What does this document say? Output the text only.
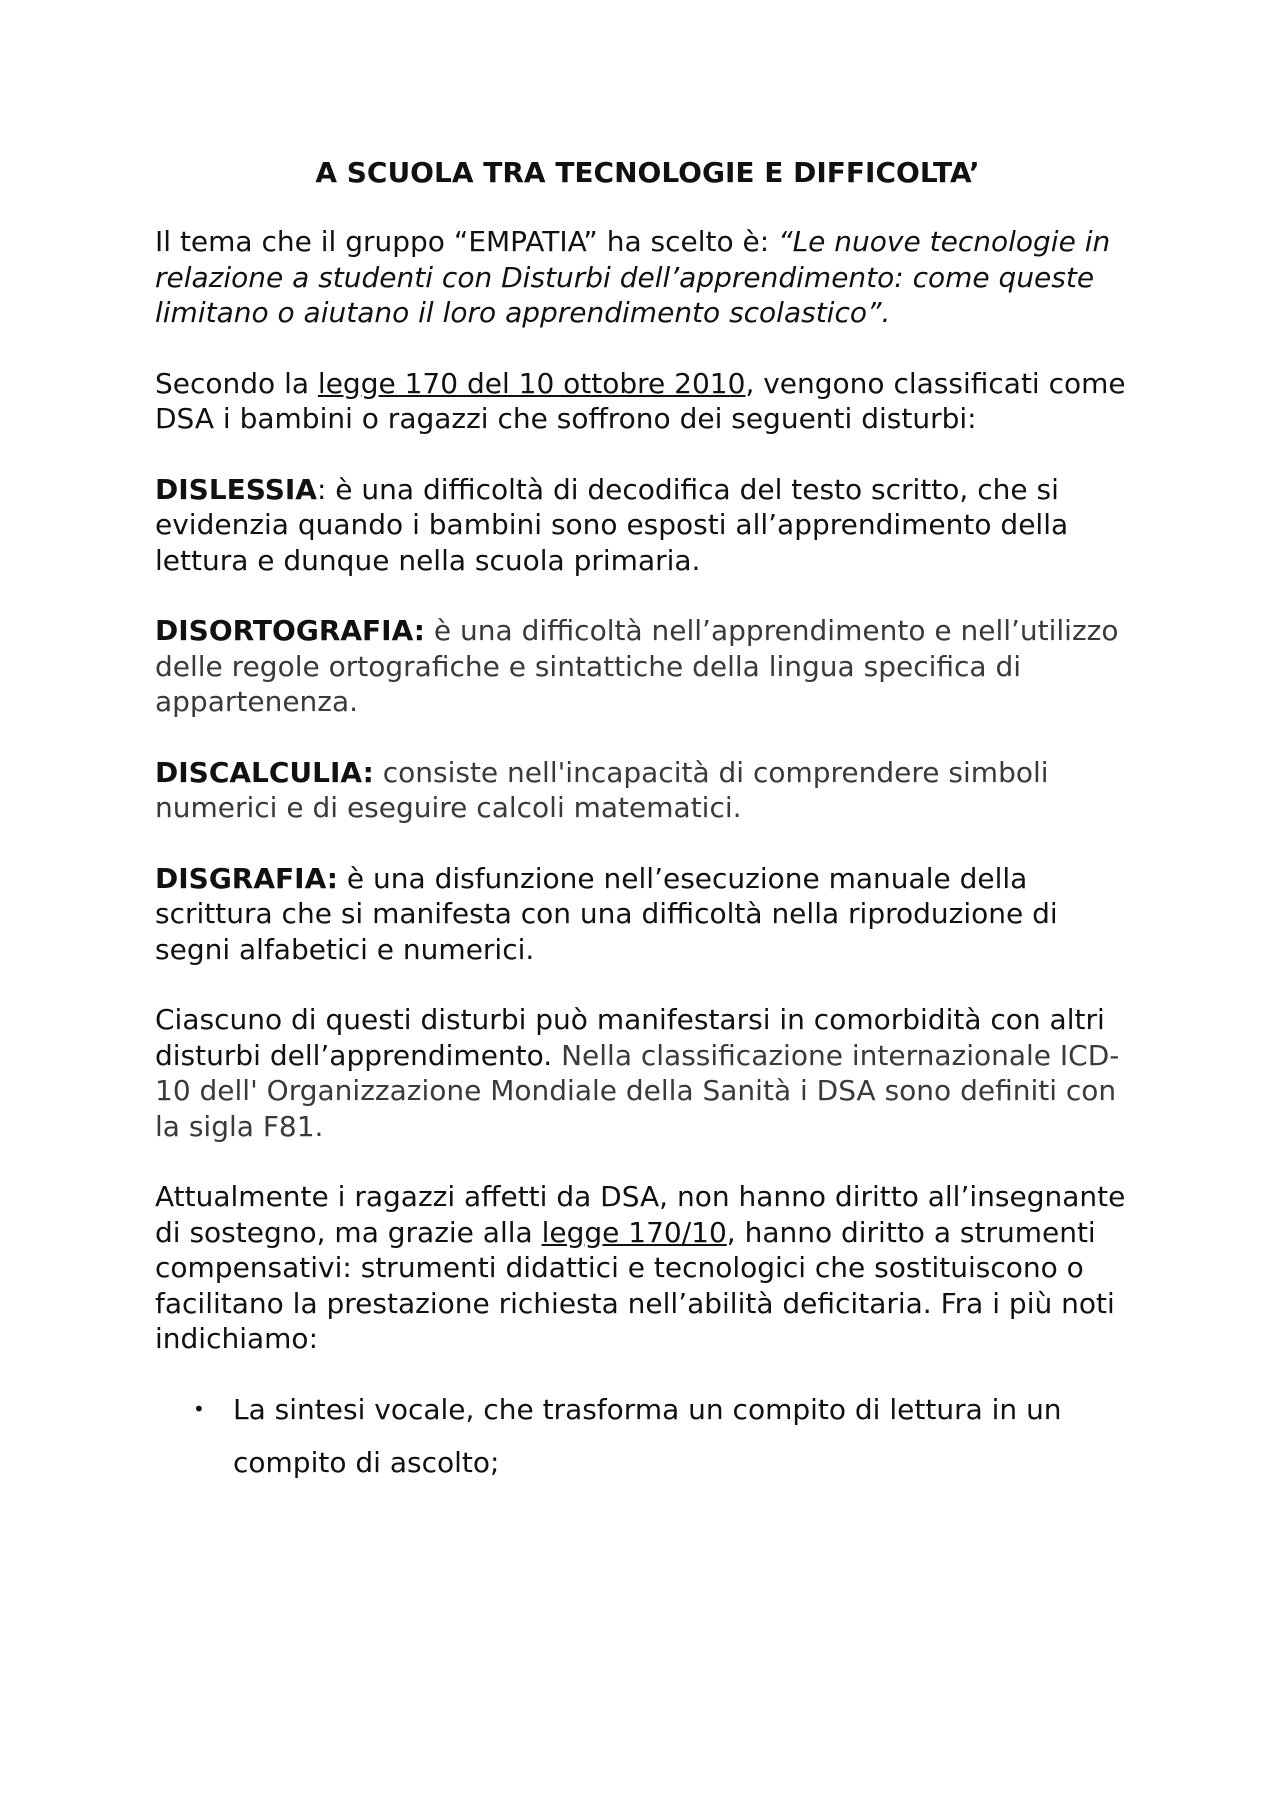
A SCUOLA TRA TECNOLOGIE E DIFFICOLTA’

Il tema che il gruppo “EMPATIA” ha scelto è: “Le nuove tecnologie in relazione a studenti con Disturbi dell’apprendimento: come queste limitano o aiutano il loro apprendimento scolastico”.

Secondo la legge 170 del 10 ottobre 2010, vengono classificati come
DSA i bambini o ragazzi che soffrono dei seguenti disturbi:

DISLESSIA: è una difficoltà di decodifica del testo scritto, che si evidenzia quando i bambini sono esposti all’apprendimento della lettura e dunque nella scuola primaria.

DISORTOGRAFIA: è una difficoltà nell’apprendimento e nell’utilizzo delle regole ortografiche e sintattiche della lingua specifica di appartenenza.

DISCALCULIA: consiste nell'incapacità di comprendere simboli numerici e di eseguire calcoli matematici.

DISGRAFIA: è una disfunzione nell’esecuzione manuale della scrittura che si manifesta con una difficoltà nella riproduzione di segni alfabetici e numerici.

Ciascuno di questi disturbi può manifestarsi in comorbidità con altri disturbi dell’apprendimento. Nella classificazione internazionale ICD- 10 dell' Organizzazione Mondiale della Sanità i DSA sono definiti con la sigla F81.

Attualmente i ragazzi affetti da DSA, non hanno diritto all’insegnante di sostegno, ma grazie alla legge 170/10, hanno diritto a strumenti compensativi: strumenti didattici e tecnologici che sostituiscono o facilitano la prestazione richiesta nell’abilità deficitaria. Fra i più noti indichiamo:

• La sintesi vocale, che trasforma un compito di lettura in un compito di ascolto;
